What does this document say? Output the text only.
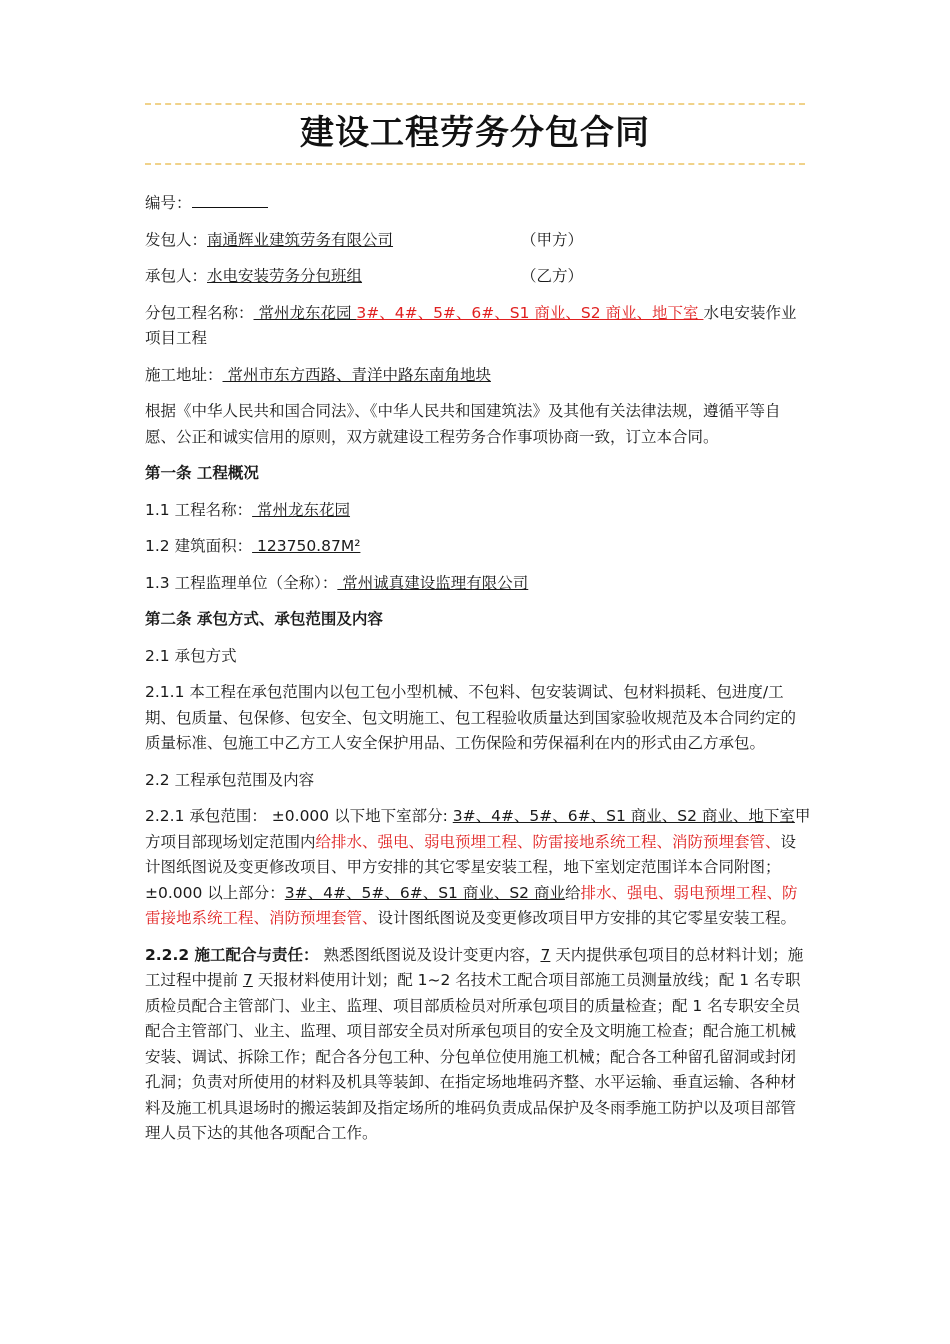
建设工程劳务分包合同

编号：

发包人：南通辉业建筑劳务有限公司	（甲方）

承包人：水电安装劳务分包班组	（乙方）

分包工程名称： 常州龙东花园 3#、4#、5#、6#、S1 商业、S2 商业、地下室 水电安装作业项目工程

施工地址： 常州市东方西路、青洋中路东南角地块

根据《中华人民共和国合同法》、《中华人民共和国建筑法》及其他有关法律法规，遵循平等自愿、公正和诚实信用的原则，双方就建设工程劳务合作事项协商一致，订立本合同。

第一条 工程概况

1.1 工程名称： 常州龙东花园

1.2 建筑面积： 123750.87M²

1.3 工程监理单位（全称）： 常州诚真建设监理有限公司

第二条 承包方式、承包范围及内容

2.1 承包方式

2.1.1 本工程在承包范围内以包工包小型机械、不包料、包安装调试、包材料损耗、包进度/工期、包质量、包保修、包安全、包文明施工、包工程验收质量达到国家验收规范及本合同约定的质量标准、包施工中乙方工人安全保护用品、工伤保险和劳保福利在内的形式由乙方承包。

2.2 工程承包范围及内容

2.2.1 承包范围： ±0.000 以下地下室部分: 3#、4#、5#、6#、S1 商业、S2 商业、地下室甲方项目部现场划定范围内给排水、强电、弱电预埋工程、防雷接地系统工程、消防预埋套管、设计图纸图说及变更修改项目、甲方安排的其它零星安装工程，地下室划定范围详本合同附图；±0.000 以上部分：3#、4#、5#、6#、S1 商业、S2 商业给排水、强电、弱电预埋工程、防雷接地系统工程、消防预埋套管、设计图纸图说及变更修改项目甲方安排的其它零星安装工程。

2.2.2 施工配合与责任： 熟悉图纸图说及设计变更内容，7 天内提供承包项目的总材料计划；施工过程中提前 7 天报材料使用计划；配 1~2 名技术工配合项目部施工员测量放线；配 1 名专职质检员配合主管部门、业主、监理、项目部质检员对所承包项目的质量检查；配 1 名专职安全员配合主管部门、业主、监理、项目部安全员对所承包项目的安全及文明施工检查；配合施工机械安装、调试、拆除工作；配合各分包工种、分包单位使用施工机械；配合各工种留孔留洞或封闭孔洞；负责对所使用的材料及机具等装卸、在指定场地堆码齐整、水平运输、垂直运输、各种材料及施工机具退场时的搬运装卸及指定场所的堆码负责成品保护及冬雨季施工防护以及项目部管理人员下达的其他各项配合工作。
